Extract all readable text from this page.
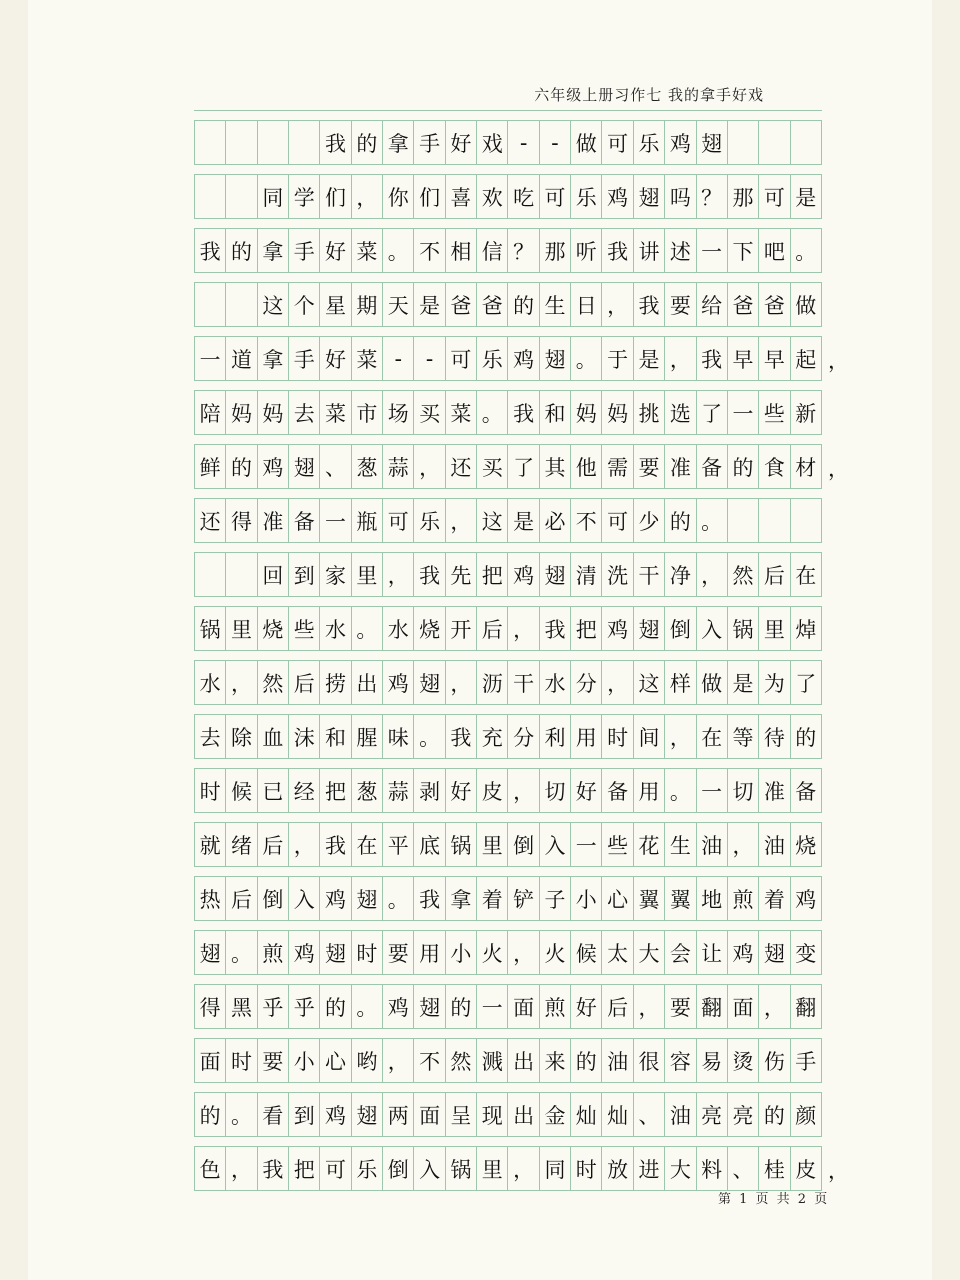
六年级上册习作七 我的拿手好戏
我 的 拿 手 好 戏 -	- 做 可 乐 鸡 翅
同 学 们 ， 你 们 喜 欢 吃 可 乐 鸡 翅 吗 ？ 那 可 是
我 的 拿 手 好 菜 。 不 相 信 ？ 那 听 我 讲 述 一 下 吧 。
这 个 星 期 天 是 爸 爸 的 生 日 ， 我 要 给 爸 爸 做
一 道 拿 手 好 菜 -	- 可 乐 鸡 翅 。 于 是 ， 我 早 早 起 ，
陪 妈 妈 去 菜 市 场 买 菜 。 我 和 妈 妈 挑 选 了 一 些 新
鲜 的 鸡 翅 、 葱 蒜 ， 还 买 了 其 他 需 要 准 备 的 食 材 ，
还 得 准 备 一 瓶 可 乐 ， 这 是 必 不 可 少 的 。
回 到 家 里 ， 我 先 把 鸡 翅 清 洗 干 净 ， 然 后 在
锅 里 烧 些 水 。 水 烧 开 后 ， 我 把 鸡 翅 倒 入 锅 里 焯
水 ， 然 后 捞 出 鸡 翅 ， 沥 干 水 分 ， 这 样 做 是 为 了
去 除 血 沫 和 腥 味 。 我 充 分 利 用 时 间 ， 在 等 待 的
时 候 已 经 把 葱 蒜 剥 好 皮 ， 切 好 备 用 。 一 切 准 备
就 绪 后 ， 我 在 平 底 锅 里 倒 入 一 些 花 生 油 ， 油 烧
热 后 倒 入 鸡 翅 。 我 拿 着 铲 子 小 心 翼 翼 地 煎 着 鸡
翅 。 煎 鸡 翅 时 要 用 小 火 ， 火 候 太 大 会 让 鸡 翅 变
得 黑 乎 乎 的 。 鸡 翅 的 一 面 煎 好 后 ， 要 翻 面 ， 翻
面 时 要 小 心 哟 ， 不 然 溅 出 来 的 油 很 容 易 烫 伤 手
的 。 看 到 鸡 翅 两 面 呈 现 出 金 灿 灿 、 油 亮 亮 的 颜
色 ， 我 把 可 乐 倒 入 锅 里 ， 同 时 放 进 大 料 、 桂 皮 ，
第 1 页 共 2 页
